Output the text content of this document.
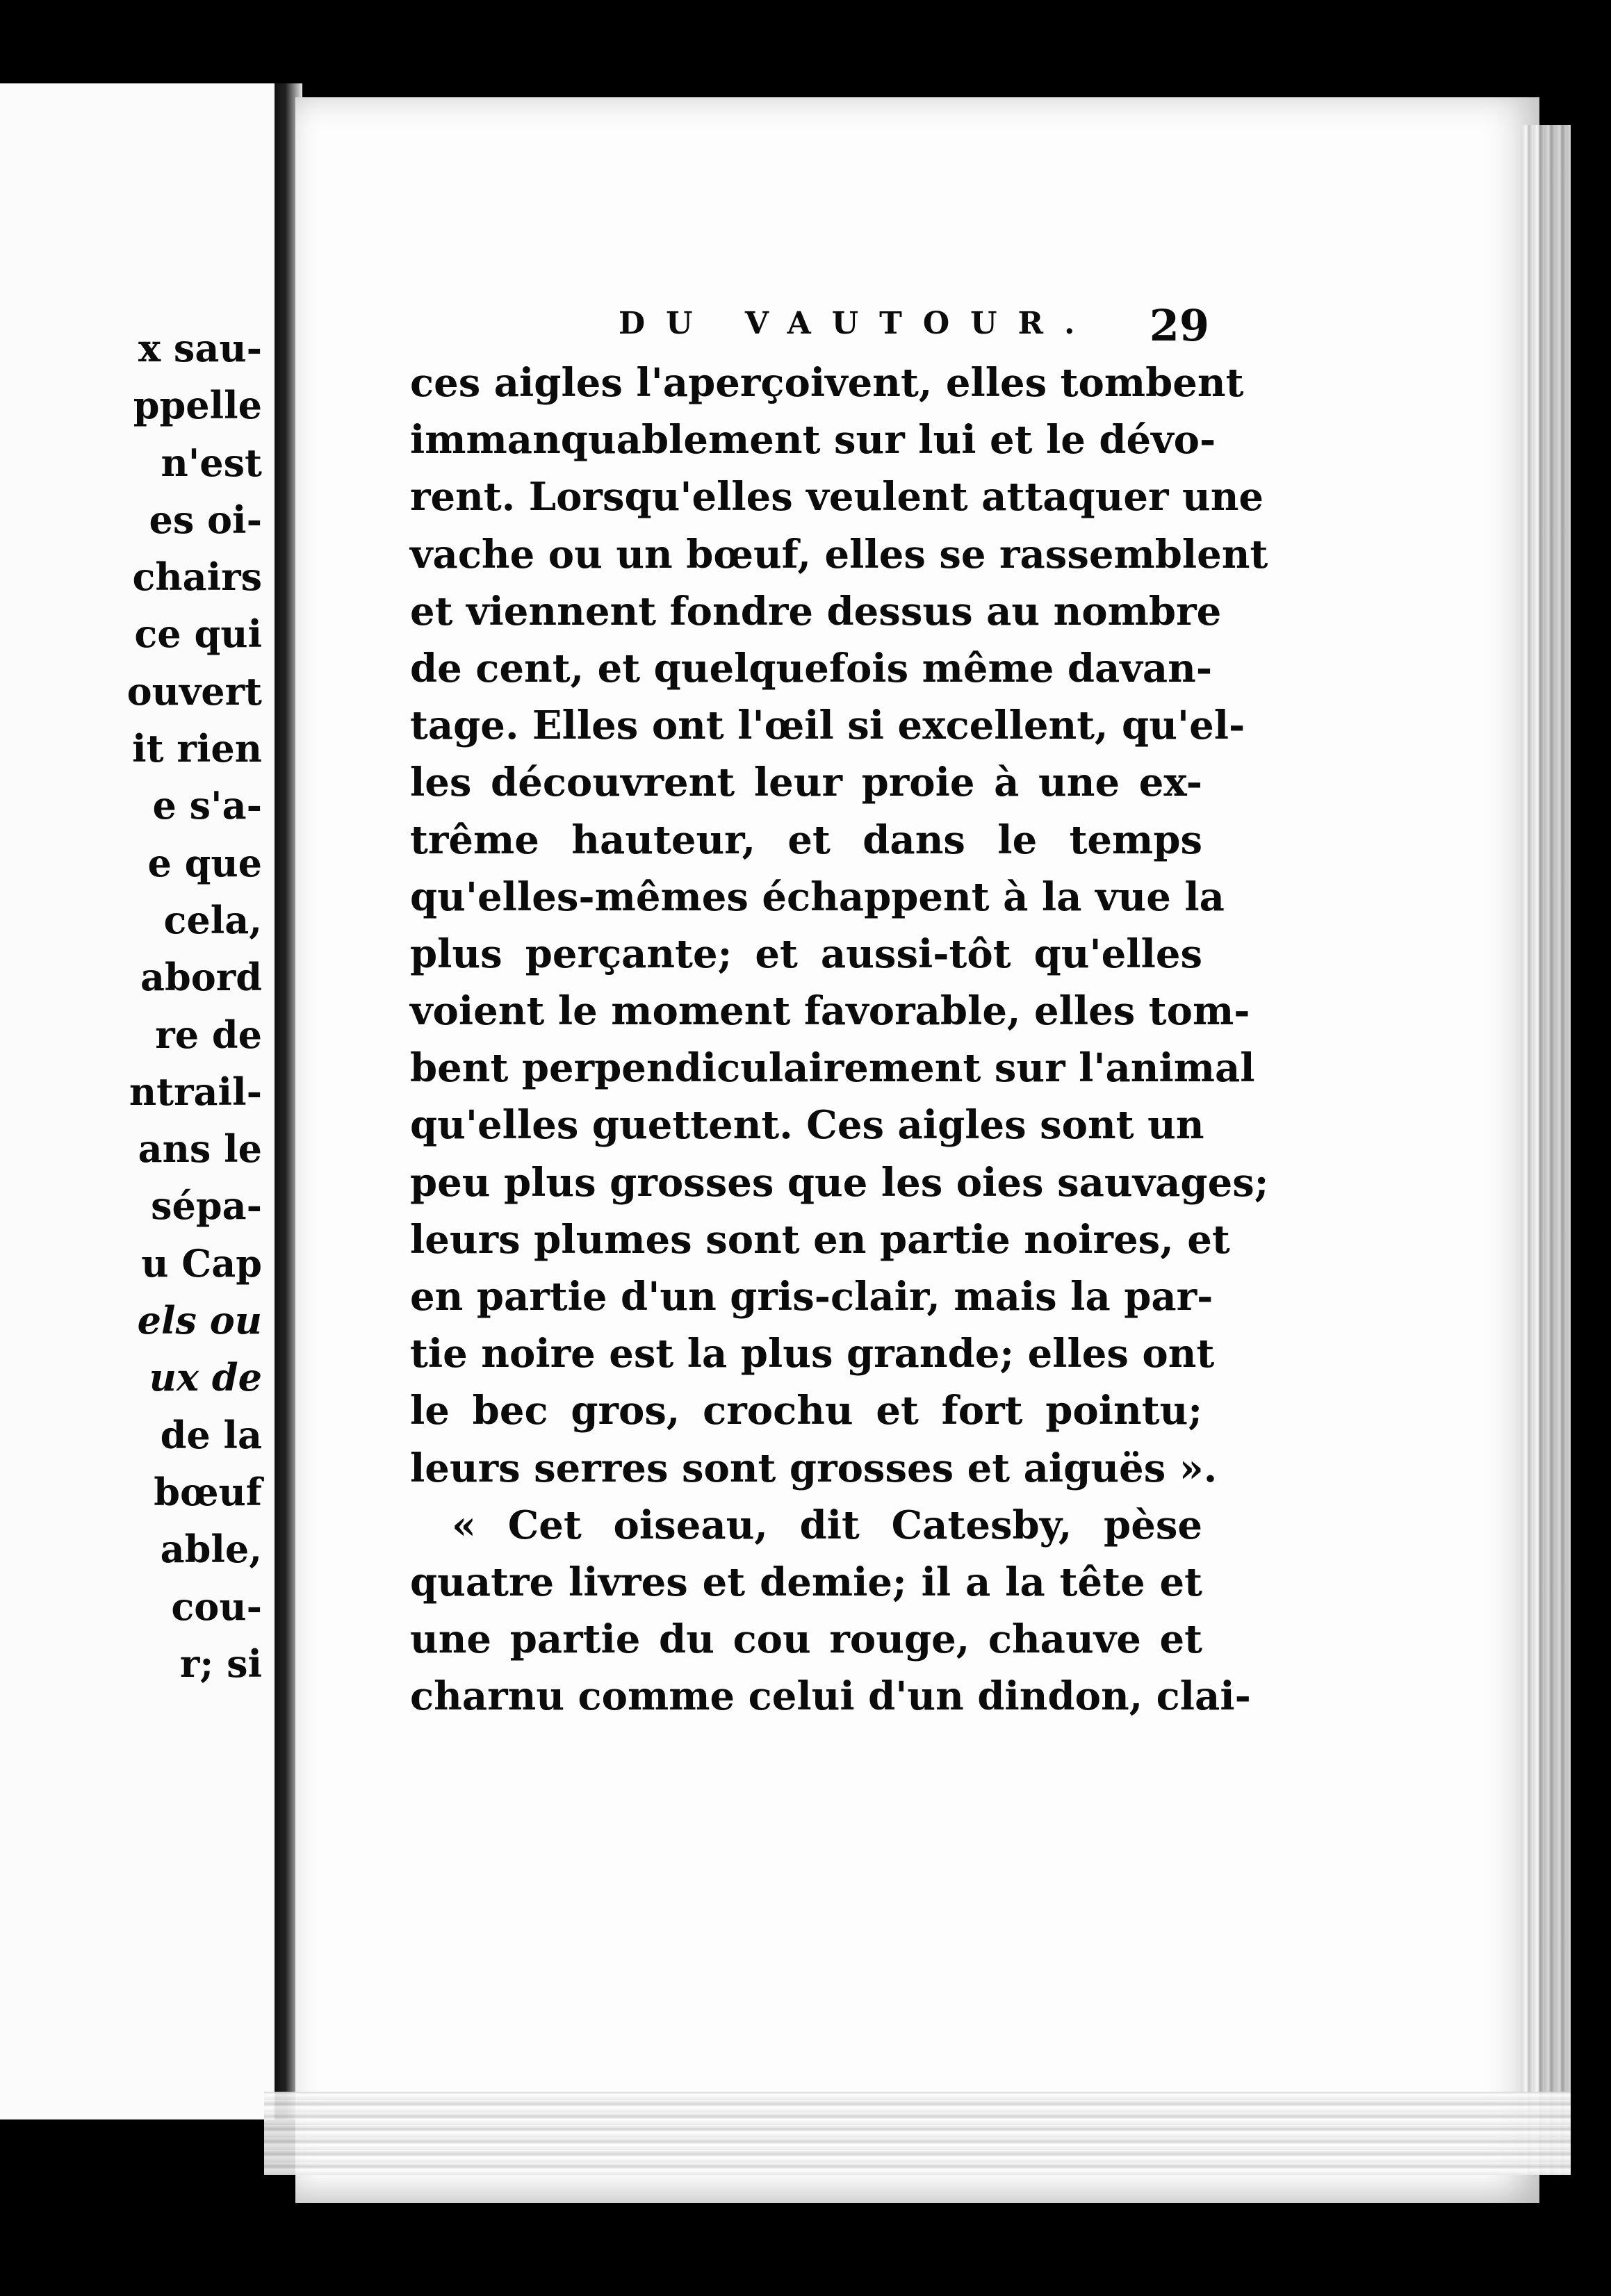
x sau-
ppelle
n'est
es oi-
chairs
ce qui
ouvert
it rien
e s'a-
e que
cela,
abord
re de
ntrail-
ans le
sépa-
u Cap
els ou
ux de
de la
bœuf
able,
cou-
r; si
DU VAUTOUR. 29
ces aigles l'aperçoivent, elles tombent
immanquablement sur lui et le dévo-
rent. Lorsqu'elles veulent attaquer une
vache ou un bœuf, elles se rassemblent
et viennent fondre dessus au nombre
de cent, et quelquefois même davan-
tage. Elles ont l'œil si excellent, qu'el-
les découvrent leur proie à une ex-
trême hauteur, et dans le temps
qu'elles-mêmes échappent à la vue la
plus perçante; et aussi-tôt qu'elles
voient le moment favorable, elles tom-
bent perpendiculairement sur l'animal
qu'elles guettent. Ces aigles sont un
peu plus grosses que les oies sauvages;
leurs plumes sont en partie noires, et
en partie d'un gris-clair, mais la par-
tie noire est la plus grande; elles ont
le bec gros, crochu et fort pointu;
leurs serres sont grosses et aiguës ».
« Cet oiseau, dit Catesby, pèse
quatre livres et demie; il a la tête et
une partie du cou rouge, chauve et
charnu comme celui d'un dindon, clai-
